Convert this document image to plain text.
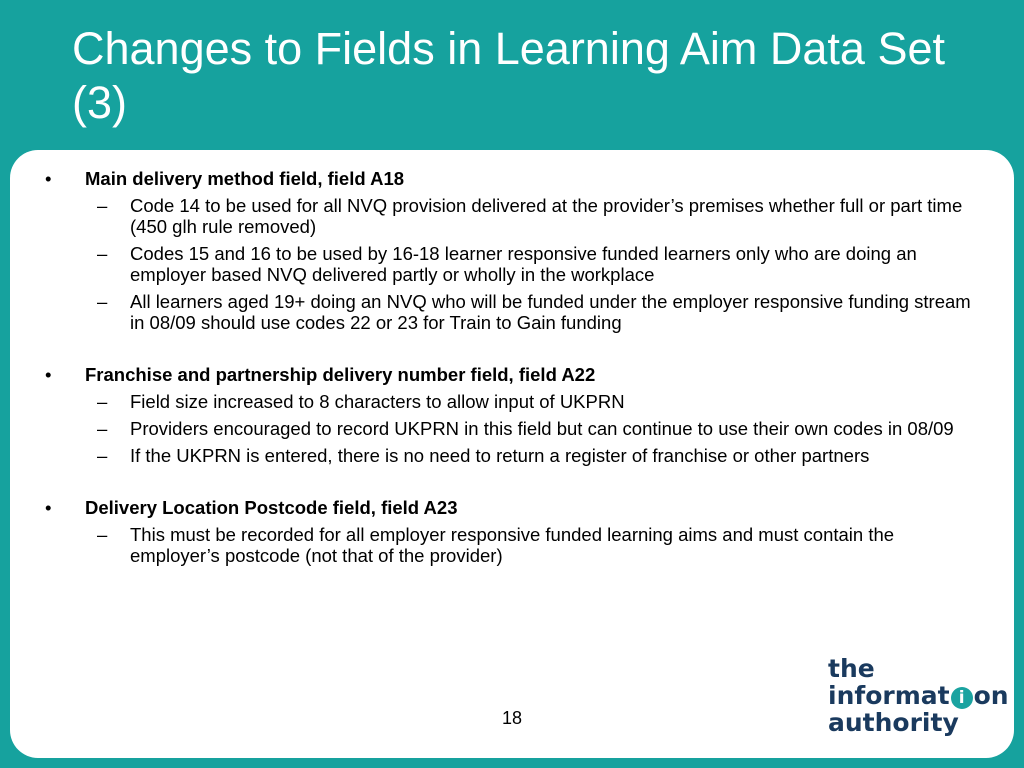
Changes to Fields in Learning Aim Data Set (3)
•	Main delivery method field, field A18
– Code 14 to be used for all NVQ provision delivered at the provider’s premises whether full or part time (450 glh rule removed)
– Codes 15 and 16 to be used by 16-18 learner responsive funded learners only who are doing an employer based NVQ delivered partly or wholly in the workplace
– All learners aged 19+ doing an NVQ who will be funded under the employer responsive funding stream in 08/09 should use codes 22 or 23 for Train to Gain funding
•	Franchise and partnership delivery number field, field A22
– Field size increased to 8 characters to allow input of UKPRN
– Providers encouraged to record UKPRN in this field but can continue to use their own codes in 08/09
– If the UKPRN is entered, there is no need to return a register of franchise or other partners
•	Delivery Location Postcode field, field A23
– This must be recorded for all employer responsive funded learning aims and must contain the employer’s postcode (not that of the provider)
18
the
informat i on
authority
